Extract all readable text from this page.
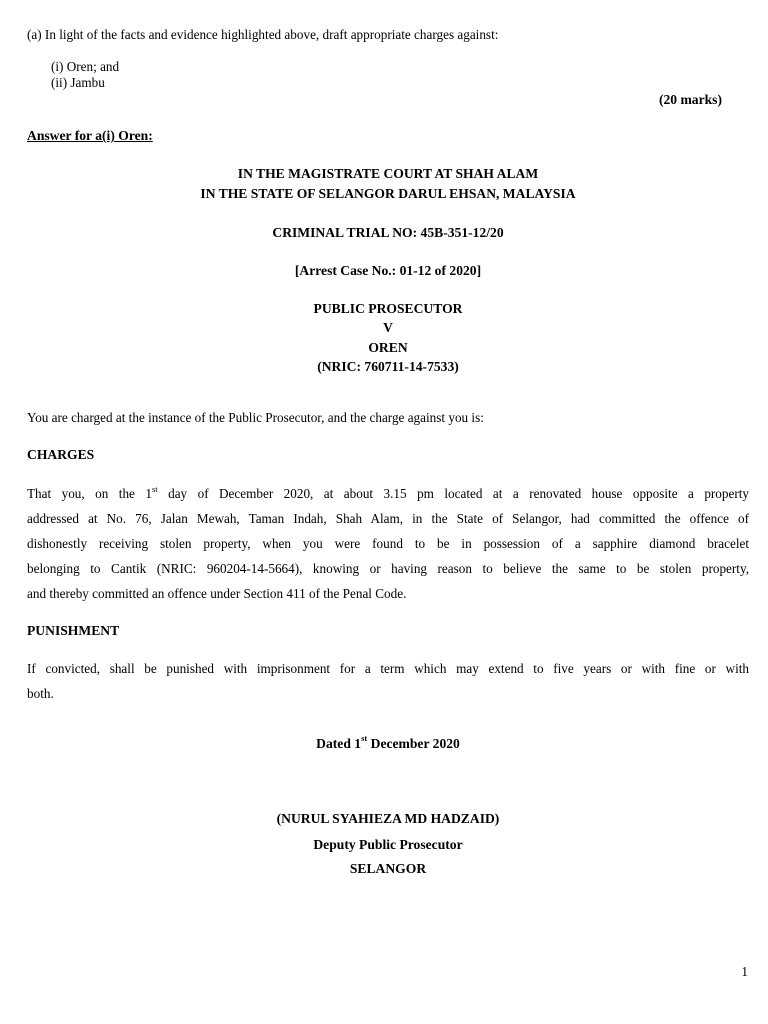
(a) In light of the facts and evidence highlighted above, draft appropriate charges against:
(i) Oren; and
(ii) Jambu
(20 marks)
Answer for a(i) Oren:
IN THE MAGISTRATE COURT AT SHAH ALAM
IN THE STATE OF SELANGOR DARUL EHSAN, MALAYSIA
CRIMINAL TRIAL NO: 45B-351-12/20
[Arrest Case No.: 01-12 of 2020]
PUBLIC PROSECUTOR
V
OREN
(NRIC: 760711-14-7533)
You are charged at the instance of the Public Prosecutor, and the charge against you is:
CHARGES
That you, on the 1st day of December 2020, at about 3.15 pm located at a renovated house opposite a property
addressed at No. 76, Jalan Mewah, Taman Indah, Shah Alam, in the State of Selangor, had committed the offence of
dishonestly receiving stolen property, when you were found to be in possession of a sapphire diamond bracelet
belonging to Cantik (NRIC: 960204-14-5664), knowing or having reason to believe the same to be stolen property,
and thereby committed an offence under Section 411 of the Penal Code.
PUNISHMENT
If convicted, shall be punished with imprisonment for a term which may extend to five years or with fine or with
both.
Dated 1st December 2020
(NURUL SYAHIEZA MD HADZAID)
Deputy Public Prosecutor
SELANGOR
1
